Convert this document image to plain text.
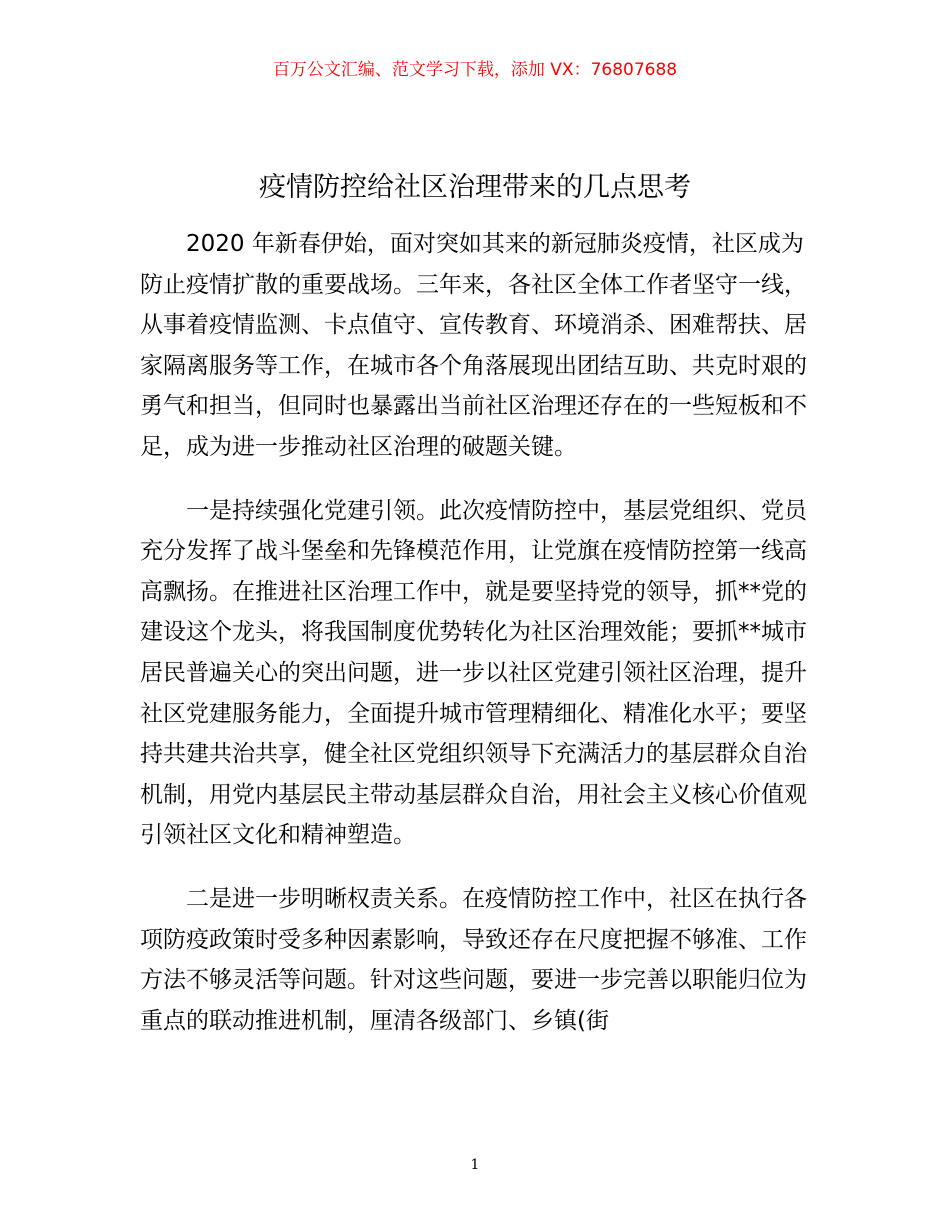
百万公文汇编、范文学习下载，添加 VX：76807688
疫情防控给社区治理带来的几点思考

2020 年新春伊始，面对突如其来的新冠肺炎疫情，社区成为防止疫情扩散的重要战场。三年来，各社区全体工作者坚守一线，从事着疫情监测、卡点值守、宣传教育、环境消杀、困难帮扶、居家隔离服务等工作，在城市各个角落展现出团结互助、共克时艰的勇气和担当，但同时也暴露出当前社区治理还存在的一些短板和不足，成为进一步推动社区治理的破题关键。

一是持续强化党建引领。此次疫情防控中，基层党组织、党员充分发挥了战斗堡垒和先锋模范作用，让党旗在疫情防控第一线高高飘扬。在推进社区治理工作中，就是要坚持党的领导，抓**党的建设这个龙头，将我国制度优势转化为社区治理效能；要抓**城市居民普遍关心的突出问题，进一步以社区党建引领社区治理，提升社区党建服务能力，全面提升城市管理精细化、精准化水平；要坚持共建共治共享，健全社区党组织领导下充满活力的基层群众自治机制，用党内基层民主带动基层群众自治，用社会主义核心价值观引领社区文化和精神塑造。

二是进一步明晰权责关系。在疫情防控工作中，社区在执行各项防疫政策时受多种因素影响，导致还存在尺度把握不够准、工作方法不够灵活等问题。针对这些问题，要进一步完善以职能归位为重点的联动推进机制，厘清各级部门、乡镇(街

1
